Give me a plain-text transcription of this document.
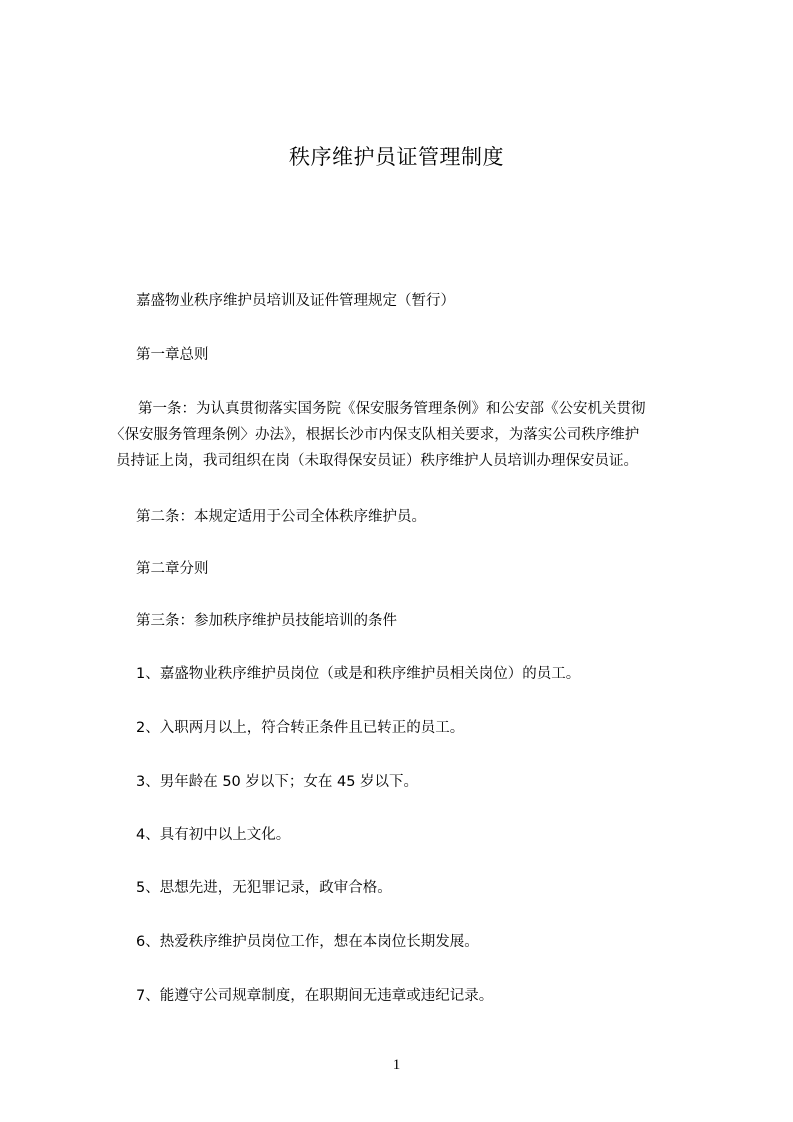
秩序维护员证管理制度
嘉盛物业秩序维护员培训及证件管理规定（暂行）
第一章总则
第一条：为认真贯彻落实国务院《保安服务管理条例》和公安部《公安机关贯彻
〈保安服务管理条例〉办法》，根据长沙市内保支队相关要求，为落实公司秩序维护
员持证上岗，我司组织在岗（未取得保安员证）秩序维护人员培训办理保安员证。
第二条：本规定适用于公司全体秩序维护员。
第二章分则
第三条：参加秩序维护员技能培训的条件
1、嘉盛物业秩序维护员岗位（或是和秩序维护员相关岗位）的员工。
2、入职两月以上，符合转正条件且已转正的员工。
3、男年龄在 50 岁以下；女在 45 岁以下。
4、具有初中以上文化。
5、思想先进，无犯罪记录，政审合格。
6、热爱秩序维护员岗位工作，想在本岗位长期发展。
7、能遵守公司规章制度，在职期间无违章或违纪记录。
1
